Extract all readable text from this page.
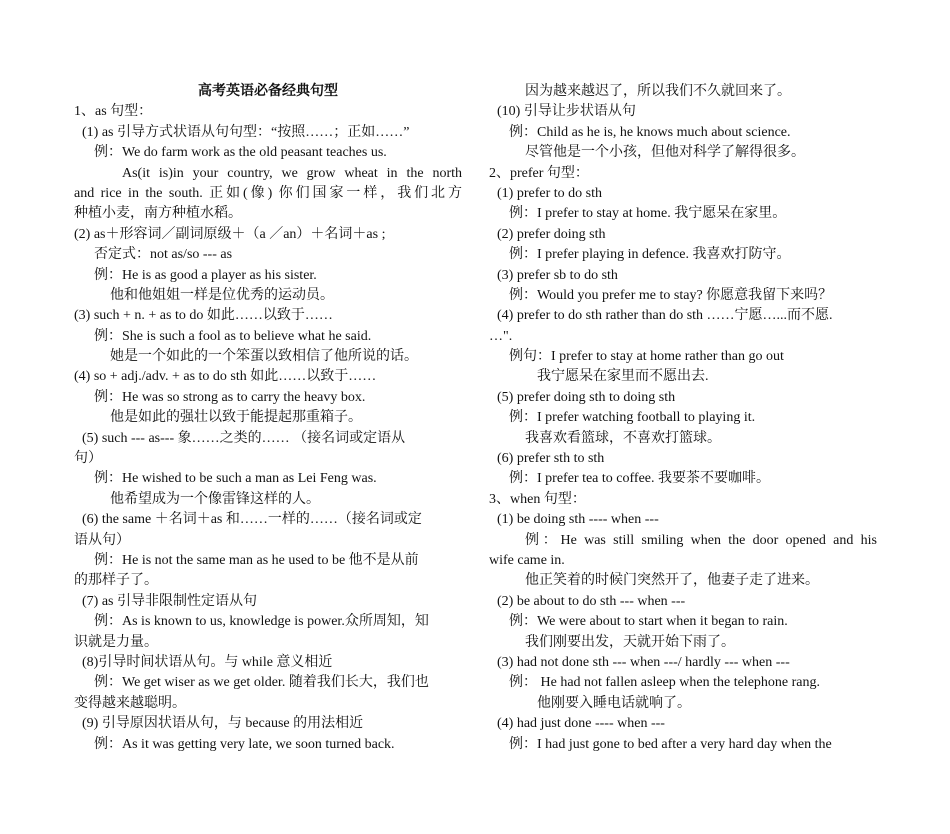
高考英语必备经典句型
1、as 句型：
(1) as 引导方式状语从句句型：“按照……；正如……”
例：We do farm work as the old peasant teaches us.
As(it is)in your country, we grow wheat in the north
and rice in the south. 正如(像) 你们国家一样，我们北方
种植小麦，南方种植水稻。
(2) as＋形容词／副词原级＋（a ／an）＋名词＋as ;
否定式：not as/so --- as
例：He is as good a player as his sister.
他和他姐姐一样是位优秀的运动员。
(3) such + n. + as to do 如此……以致于……
例：She is such a fool as to believe what he said.
她是一个如此的一个笨蛋以致相信了他所说的话。
(4) so + adj./adv. + as to do sth 如此……以致于……
例：He was so strong as to carry the heavy box.
他是如此的强壮以致于能提起那重箱子。
(5) such --- as--- 象……之类的…… （接名词或定语从
句）
例：He wished to be such a man as Lei Feng was.
他希望成为一个像雷锋这样的人。
(6) the same ＋名词＋as 和……一样的……（接名词或定
语从句）
例：He is not the same man as he used to be 他不是从前
的那样子了。
(7) as 引导非限制性定语从句
例：As is known to us, knowledge is power.众所周知，知
识就是力量。
(8)引导时间状语从句。与 while 意义相近
例：We get wiser as we get older. 随着我们长大，我们也
变得越来越聪明。
(9) 引导原因状语从句，与 because 的用法相近
例：As it was getting very late, we soon turned back.
因为越来越迟了，所以我们不久就回来了。
(10) 引导让步状语从句
例：Child as he is, he knows much about science.
尽管他是一个小孩，但他对科学了解得很多。
2、prefer 句型：
(1) prefer to do sth
例：I prefer to stay at home. 我宁愿呆在家里。
(2) prefer doing sth
例：I prefer playing in defence. 我喜欢打防守。
(3) prefer sb to do sth
例：Would you prefer me to stay? 你愿意我留下来吗？
(4) prefer to do sth rather than do sth ……宁愿…...而不愿.
…".
例句：I prefer to stay at home rather than go out
我宁愿呆在家里而不愿出去.
(5) prefer doing sth to doing sth
例：I prefer watching football to playing it.
我喜欢看篮球，不喜欢打篮球。
(6) prefer sth to sth
例：I prefer tea to coffee. 我要茶不要咖啡。
3、when 句型：
(1) be doing sth ---- when ---
例：He was still smiling when the door opened and his
wife came in.
他正笑着的时候门突然开了，他妻子走了进来。
(2) be about to do sth --- when ---
例：We were about to start when it began to rain.
我们刚要出发，天就开始下雨了。
(3) had not done sth --- when ---/ hardly --- when ---
例： He had not fallen asleep when the telephone rang.
他刚要入睡电话就响了。
(4) had just done ---- when ---
例：I had just gone to bed after a very hard day when the
